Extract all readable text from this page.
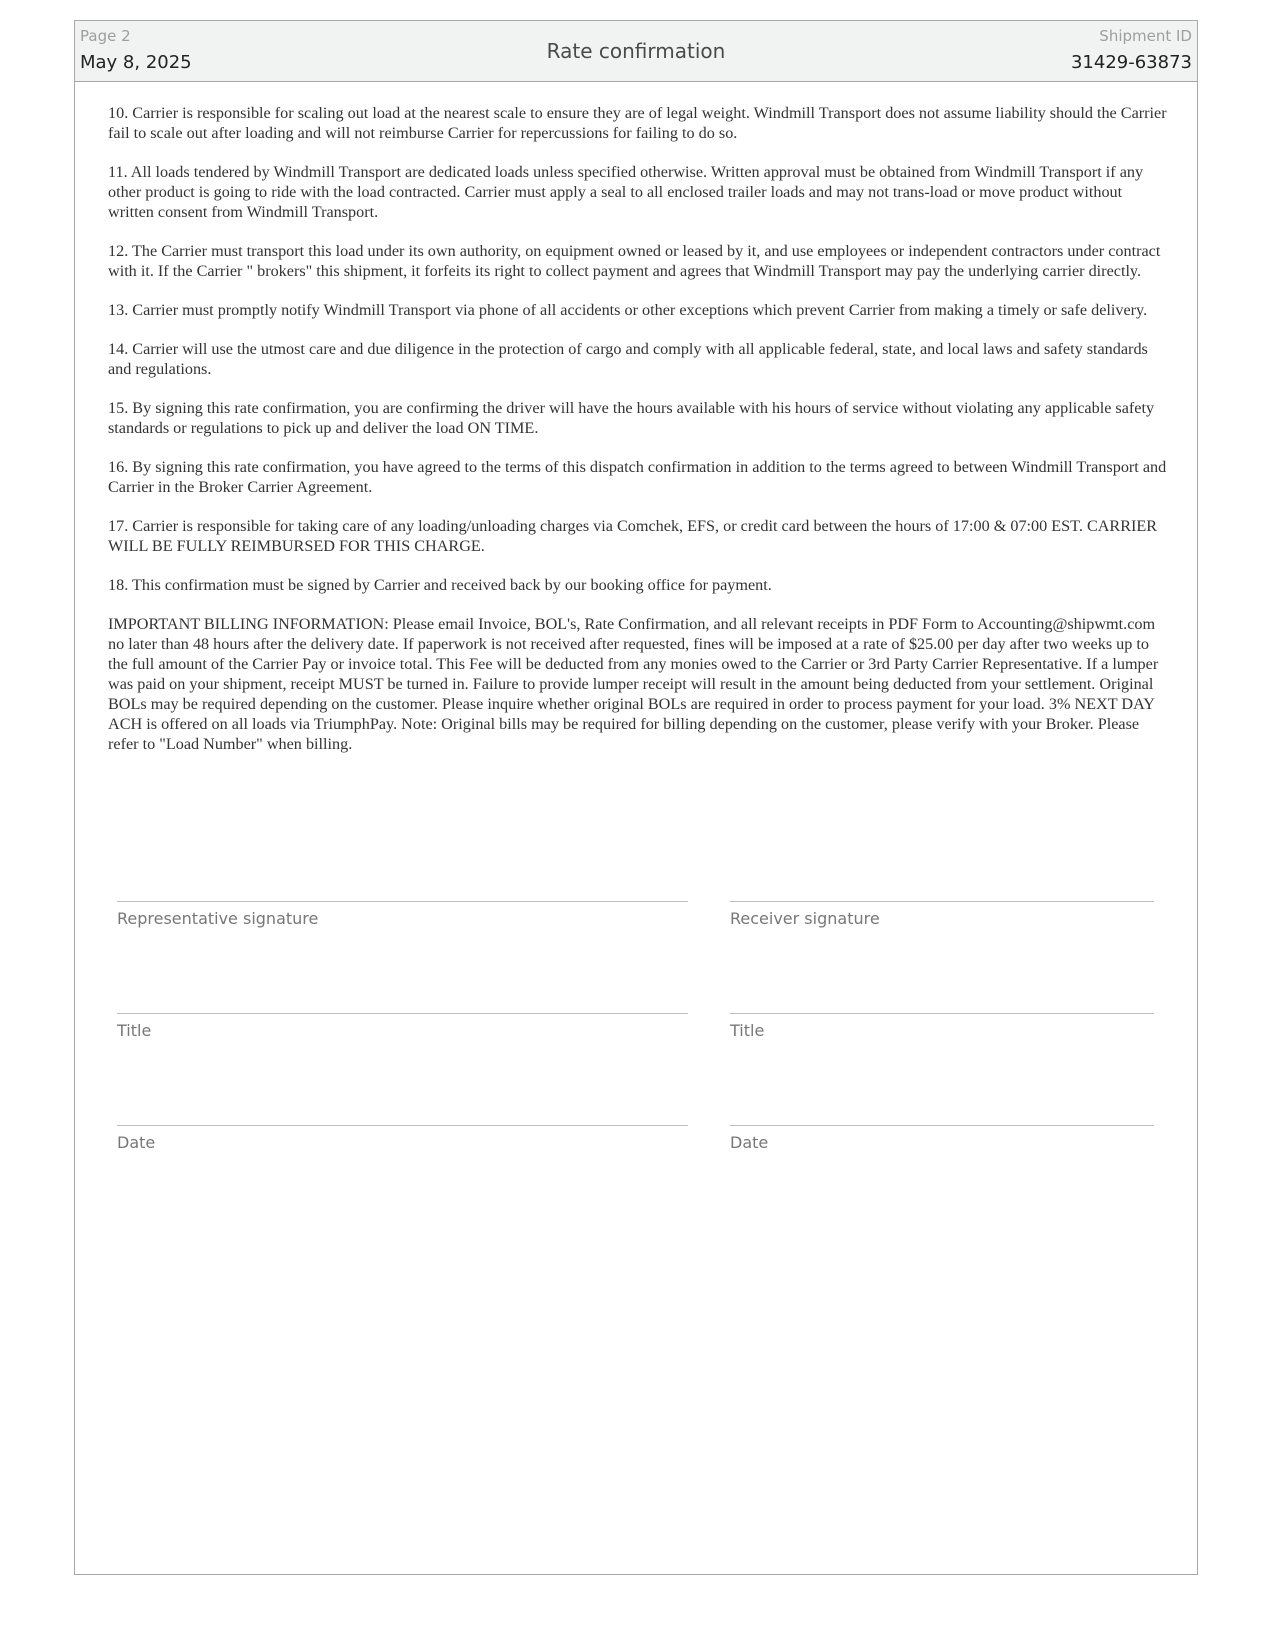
Page 2
May 8, 2025	Rate confirmation
Shipment ID
31429-63873

10. Carrier is responsible for scaling out load at the nearest scale to ensure they are of legal weight. Windmill Transport does not assume liability should the Carrier fail to scale out after loading and will not reimburse Carrier for repercussions for failing to do so.

11. All loads tendered by Windmill Transport are dedicated loads unless specified otherwise. Written approval must be obtained from Windmill Transport if any other product is going to ride with the load contracted. Carrier must apply a seal to all enclosed trailer loads and may not trans-load or move product without written consent from Windmill Transport.

12. The Carrier must transport this load under its own authority, on equipment owned or leased by it, and use employees or independent contractors under contract with it. If the Carrier " brokers" this shipment, it forfeits its right to collect payment and agrees that Windmill Transport may pay the underlying carrier directly.

13. Carrier must promptly notify Windmill Transport via phone of all accidents or other exceptions which prevent Carrier from making a timely or safe delivery.

14. Carrier will use the utmost care and due diligence in the protection of cargo and comply with all applicable federal, state, and local laws and safety standards and regulations.

15. By signing this rate confirmation, you are confirming the driver will have the hours available with his hours of service without violating any applicable safety standards or regulations to pick up and deliver the load ON TIME.

16. By signing this rate confirmation, you have agreed to the terms of this dispatch confirmation in addition to the terms agreed to between Windmill Transport and Carrier in the Broker Carrier Agreement.

17. Carrier is responsible for taking care of any loading/unloading charges via Comchek, EFS, or credit card between the hours of 17:00 & 07:00 EST. CARRIER WILL BE FULLY REIMBURSED FOR THIS CHARGE.

18. This confirmation must be signed by Carrier and received back by our booking office for payment.

IMPORTANT BILLING INFORMATION: Please email Invoice, BOL's, Rate Confirmation, and all relevant receipts in PDF Form to Accounting@shipwmt.com no later than 48 hours after the delivery date. If paperwork is not received after requested, fines will be imposed at a rate of $25.00 per day after two weeks up to the full amount of the Carrier Pay or invoice total. This Fee will be deducted from any monies owed to the Carrier or 3rd Party Carrier Representative. If a lumper was paid on your shipment, receipt MUST be turned in. Failure to provide lumper receipt will result in the amount being deducted from your settlement. Original BOLs may be required depending on the customer. Please inquire whether original BOLs are required in order to process payment for your load. 3% NEXT DAY ACH is offered on all loads via TriumphPay. Note: Original bills may be required for billing depending on the customer, please verify with your Broker. Please refer to "Load Number" when billing.

Representative signature
Title
Date
Receiver signature
Title
Date
